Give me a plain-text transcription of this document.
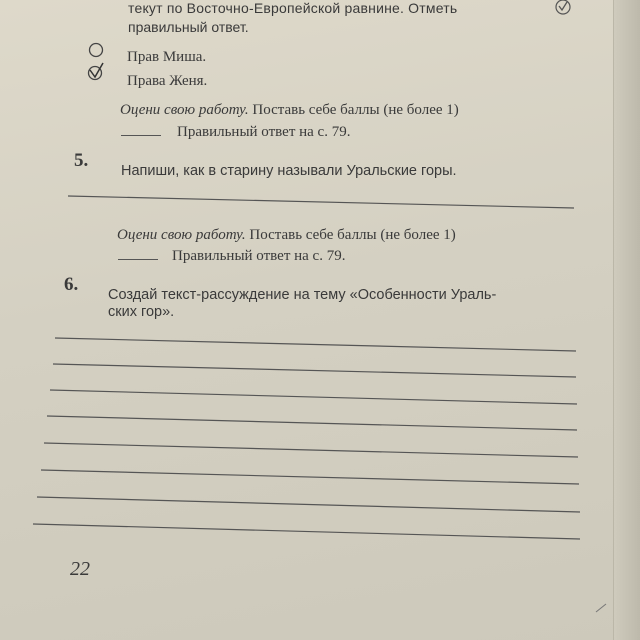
текут по Восточно-Европейской равнине. Отметь
правильный ответ.
Прав Миша.
Права Женя.
Оцени свою работу. Поставь себе баллы (не более 1)
Правильный ответ на с. 79.
5. Напиши, как в старину называли Уральские горы.
Оцени свою работу. Поставь себе баллы (не более 1)
Правильный ответ на с. 79.
6. Создай текст-рассуждение на тему «Особенности Ураль-
ских гор».
22
